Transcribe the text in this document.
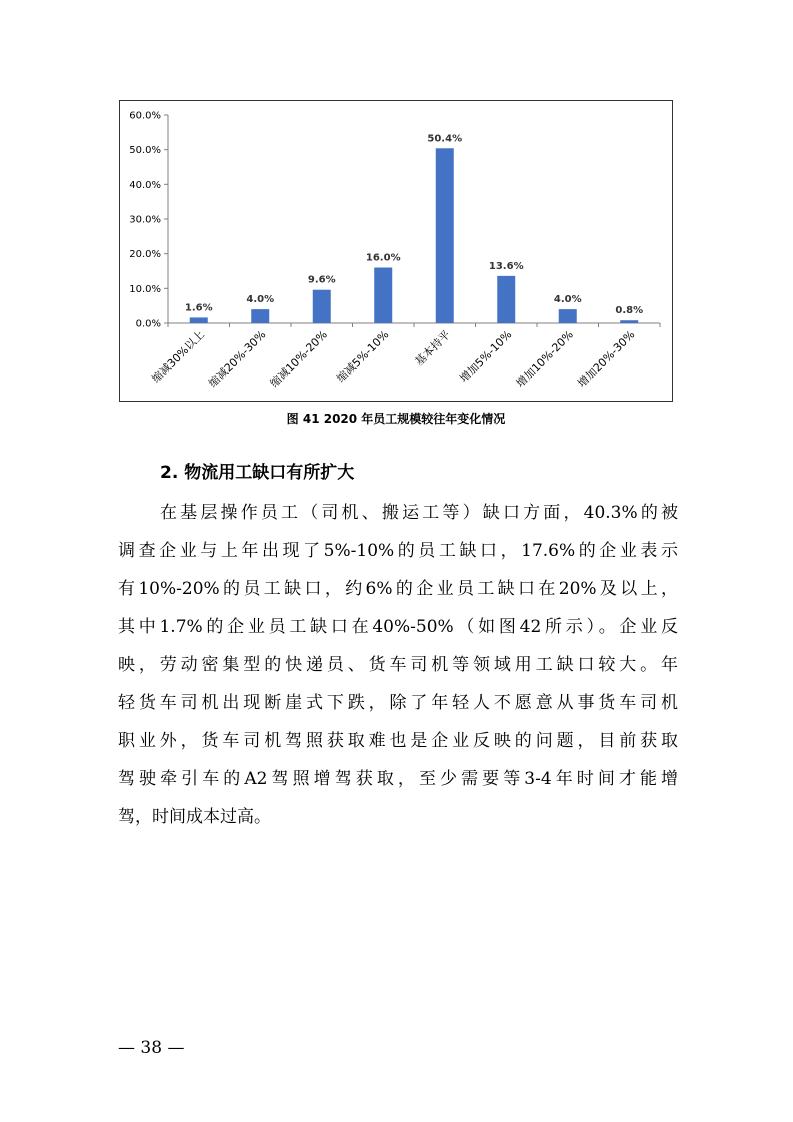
0.0%
10.0%
20.0%
30.0%
40.0%
50.0%
60.0%
1.6%
缩减30%以上
4.0%
缩减20%-30%
9.6%
缩减10%-20%
16.0%
缩减5%-10%
50.4%
基本持平
13.6%
增加5%-10%
4.0%
增加10%-20%
0.8%
增加20%-30%
图 41 2020 年员工规模较往年变化情况
2. 物流用工缺口有所扩大
在基层操作员工（司机、搬运工等）缺口方面，40.3%的被
调查企业与上年出现了5%-10%的员工缺口，17.6%的企业表示
有10%-20%的员工缺口，约6%的企业员工缺口在20%及以上，
其中1.7%的企业员工缺口在40%-50%（如图42所示）。企业反
映，劳动密集型的快递员、货车司机等领域用工缺口较大。年
轻货车司机出现断崖式下跌，除了年轻人不愿意从事货车司机
职业外，货车司机驾照获取难也是企业反映的问题，目前获取
驾驶牵引车的A2驾照增驾获取，至少需要等3-4年时间才能增
驾，时间成本过高。
— 38 —
